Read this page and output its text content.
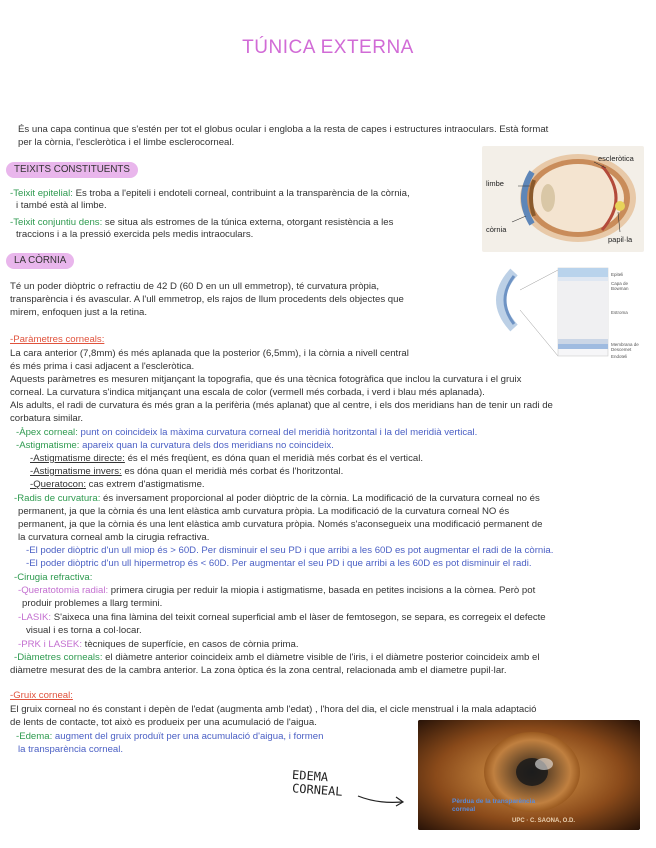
TÚNICA EXTERNA
És una capa continua que s'estén per tot el globus ocular i engloba a la resta de capes i estructures intraoculars. Està format
per la còrnia, l'escleròtica i el limbe esclerocorneal.
TEIXITS CONSTITUENTS
-Teixit epitelial: Es troba a l'epiteli i endoteli corneal, contribuint a la transparència de la còrnia,
i també està al limbe.
-Teixit conjuntiu dens: se situa als estromes de la túnica externa, otorgant resistència a les
traccions i a la pressió exercida pels medis intraoculars.
escleròtica
limbe
còrnia
papil·la
LA CÒRNIA
Té un poder diòptric o refractiu de 42 D (60 D en un ull emmetrop), té curvatura pròpia,
transparència i és avascular. A l'ull emmetrop, els rajos de llum procedents dels objectes que
mirem, enfoquen just a la retina.
Epiteli
Capa de Bowman
Estroma
Membrana de Descemet
Endoteli
-Paràmetres corneals:
La cara anterior (7,8mm) és més aplanada que la posterior (6,5mm), i la còrnia a nivell central
és més prima i casi adjacent a l'escleròtica.
Aquests paràmetres es mesuren mitjançant la topografia, que és una tècnica fotogràfica que inclou la curvatura i el gruix
corneal. La curvatura s'indica mitjançant una escala de color (vermell més corbada, i verd i blau més aplanada).
Als adults, el radi de curvatura és més gran a la perifèria (més aplanat) que al centre, i els dos meridians han de tenir un radi de
corbatura similar.
-Àpex corneal: punt on coincideix la màxima curvatura corneal del meridià horitzontal i la del meridià vertical.
-Astigmatisme: apareix quan la curvatura dels dos meridians no coincideix.
-Astigmatisme directe: és el més freqüent, es dóna quan el meridià més corbat és el vertical.
-Astigmatisme invers: es dóna quan el meridià més corbat és l'horitzontal.
-Queratocon: cas extrem d'astigmatisme.
-Radis de curvatura: és inversament proporcional al poder diòptric de la còrnia. La modificació de la curvatura corneal no és
permanent, ja que la còrnia és una lent elàstica amb curvatura pròpia. La modificació de la curvatura corneal NO és
permanent, ja que la còrnia és una lent elàstica amb curvatura pròpia. Només s'aconsegueix una modificació permanent de
la curvatura corneal amb la cirugia refractiva.
-El poder diòptric d'un ull miop és > 60D. Per disminuir el seu PD i que arribi a les 60D es pot augmentar el radi de la còrnia.
-El poder diòptric d'un ull hipermetrop és < 60D. Per augmentar el seu PD i que arribi a les 60D es pot disminuir el radi.
-Cirugia refractiva:
-Queratotomia radial: primera cirugia per reduir la miopia i astigmatisme, basada en petites incisions a la còrnea. Però pot
produir problemes a llarg termini.
-LASIK: S'aixeca una fina làmina del teixit corneal superficial amb el làser de femtosegon, se separa, es corregeix el defecte
visual i es torna a col·locar.
-PRK i LASEK: tècniques de superfície, en casos de còrnia prima.
-Diàmetres corneals: el diàmetre anterior coincideix amb el diàmetre visible de l'iris, i el diàmetre posterior coincideix amb el
diàmetre mesurat des de la cambra anterior. La zona òptica és la zona central, relacionada amb el diametre pupil·lar.
-Gruix corneal:
El gruix corneal no és constant i depèn de l'edat (augmenta amb l'edat) , l'hora del dia, el cicle menstrual i la mala adaptació
de lents de contacte, tot això es produeix per una acumulació de l'aigua.
-Edema: augment del gruix produït per una acumulació d'aigua, i formen
la transparència corneal.
EDEMA
CORNEAL
Pèrdua de la transparència
corneal
UPC · C. SAONA, O.D.
